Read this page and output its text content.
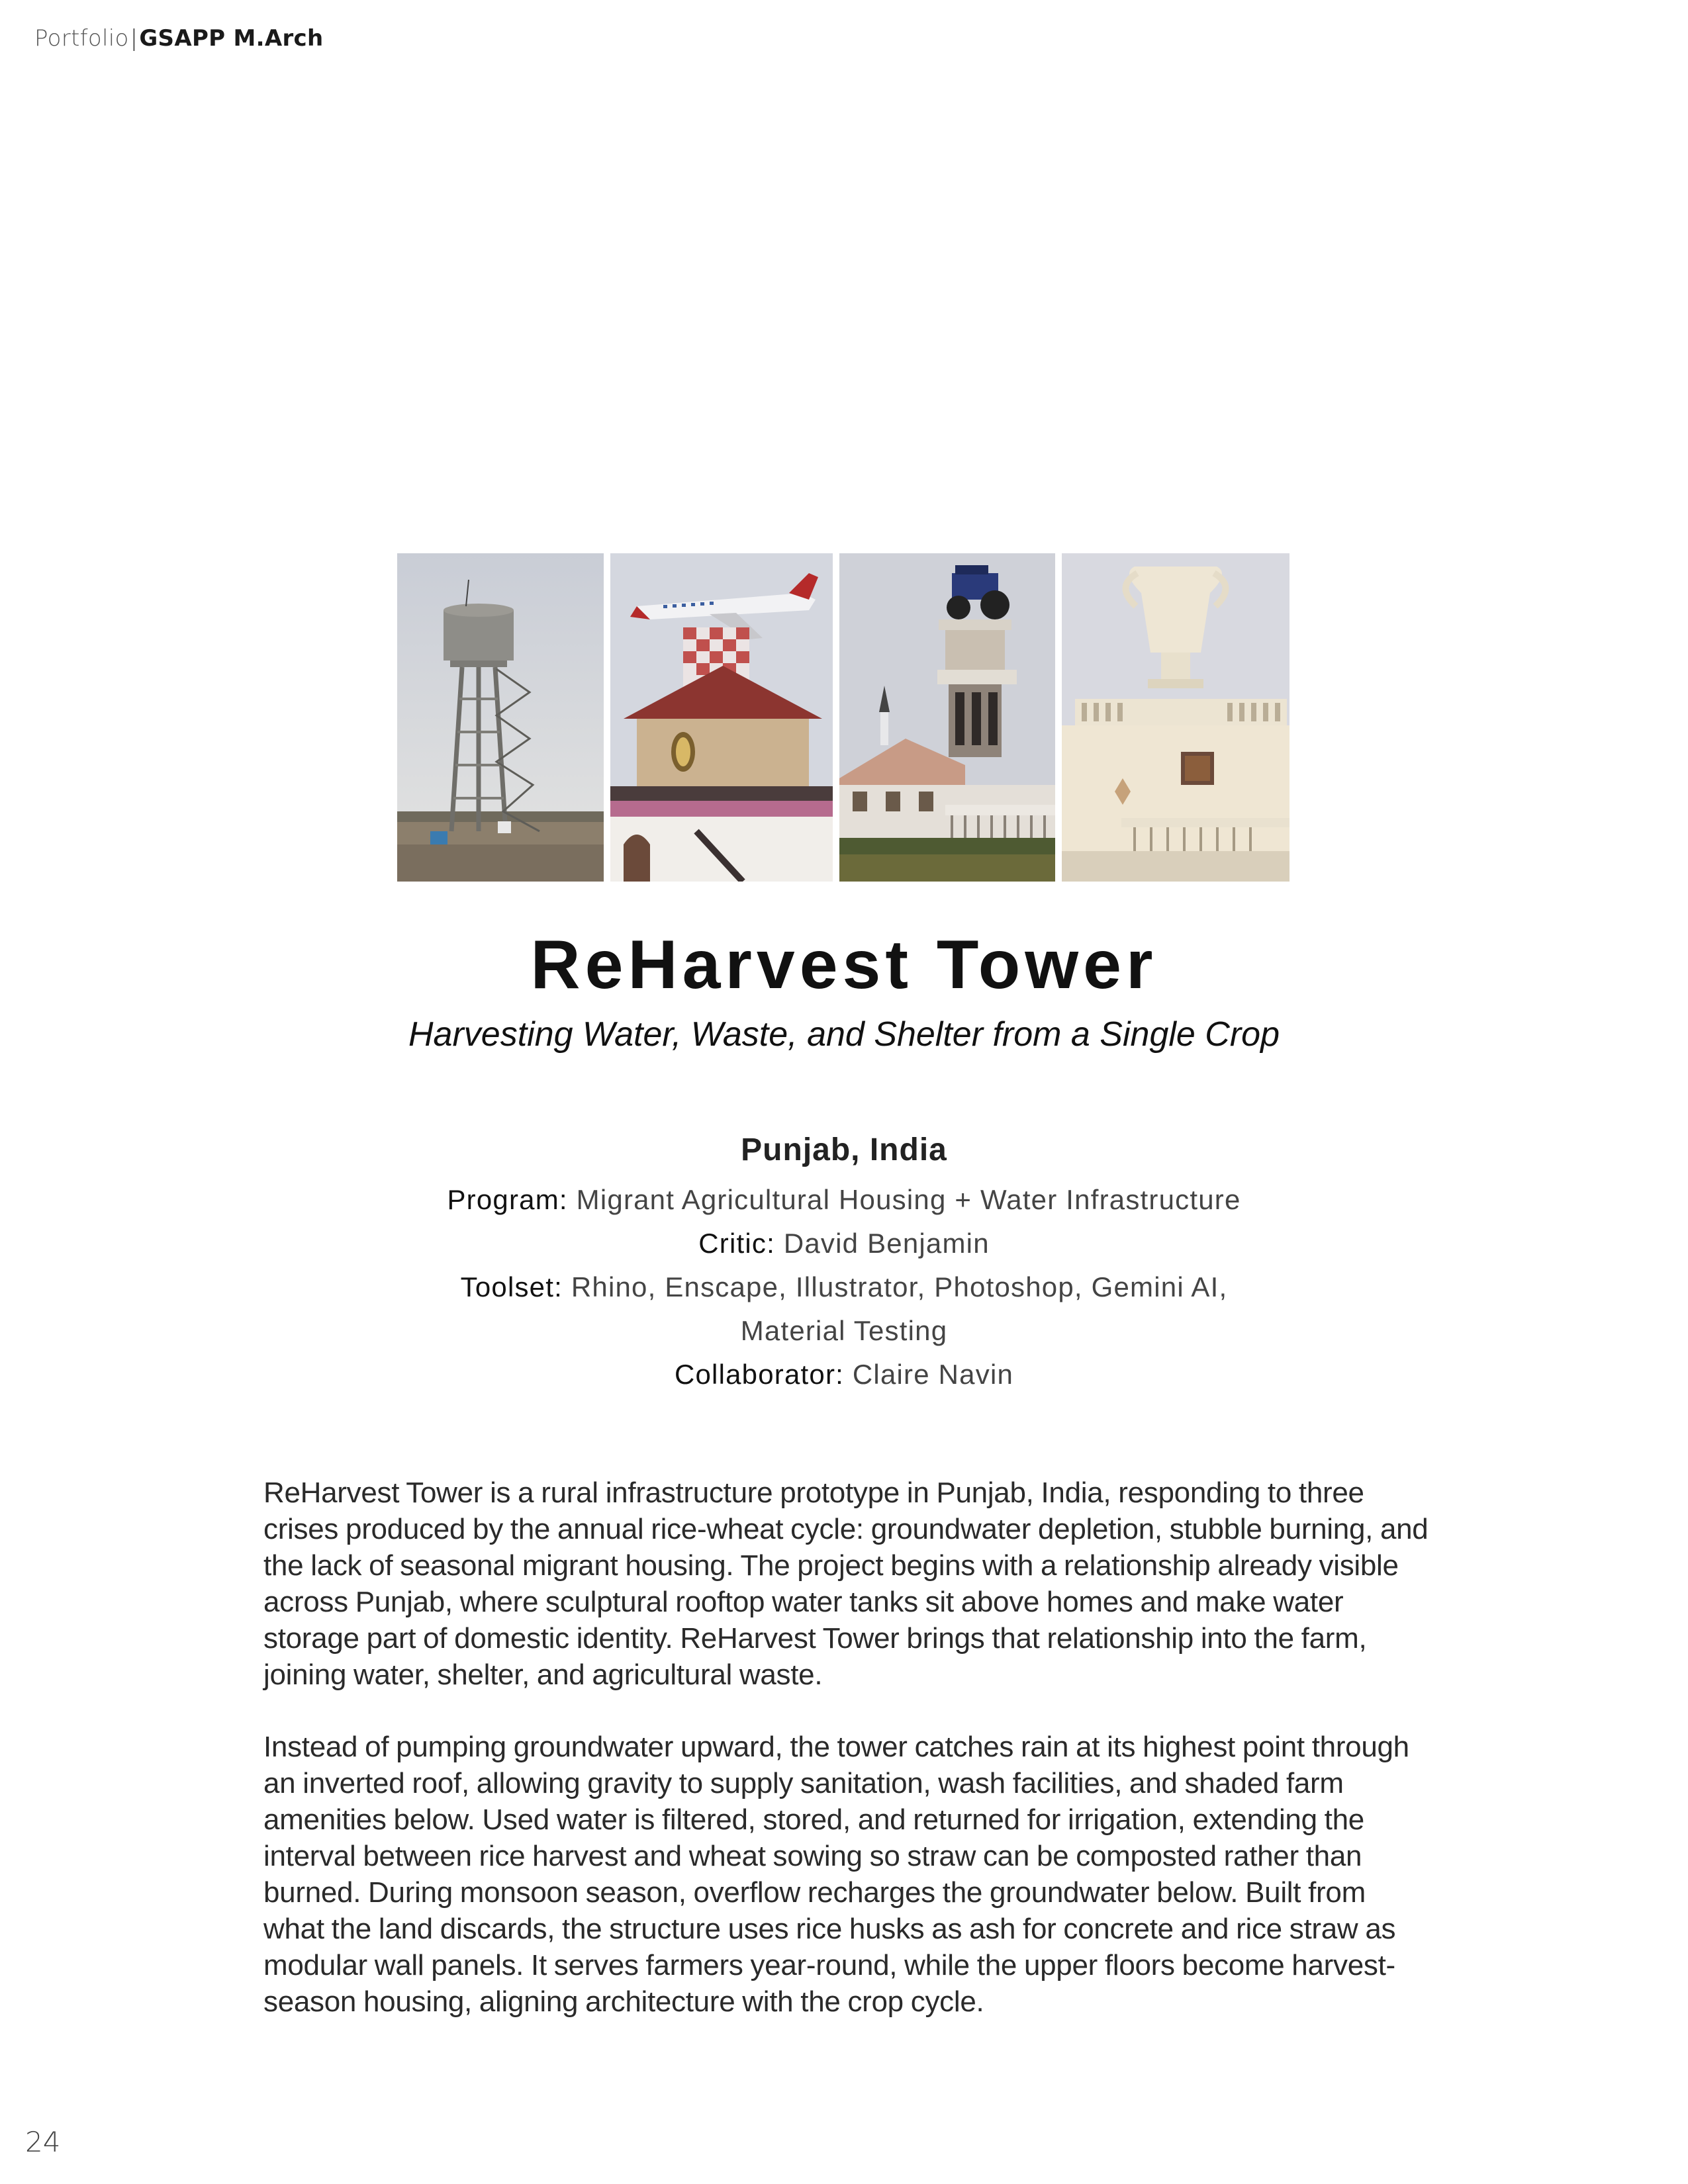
Portfolio|GSAPP M.Arch
ReHarvest Tower
Harvesting Water, Waste, and Shelter from a Single Crop
Punjab, India
Program: Migrant Agricultural Housing + Water Infrastructure
Critic: David Benjamin
Toolset: Rhino, Enscape, Illustrator, Photoshop, Gemini AI, Material Testing
Collaborator: Claire Navin

ReHarvest Tower is a rural infrastructure prototype in Punjab, India, responding to three crises produced by the annual rice-wheat cycle: groundwater depletion, stubble burning, and the lack of seasonal migrant housing. The project begins with a relationship already visible across Punjab, where sculptural rooftop water tanks sit above homes and make water storage part of domestic identity. ReHarvest Tower brings that relationship into the farm, joining water, shelter, and agricultural waste.

Instead of pumping groundwater upward, the tower catches rain at its highest point through an inverted roof, allowing gravity to supply sanitation, wash facilities, and shaded farm amenities below. Used water is filtered, stored, and returned for irrigation, extending the interval between rice harvest and wheat sowing so straw can be composted rather than burned. During monsoon season, overflow recharges the groundwater below. Built from what the land discards, the structure uses rice husks as ash for concrete and rice straw as modular wall panels. It serves farmers year-round, while the upper floors become harvest-season housing, aligning architecture with the crop cycle.

24
